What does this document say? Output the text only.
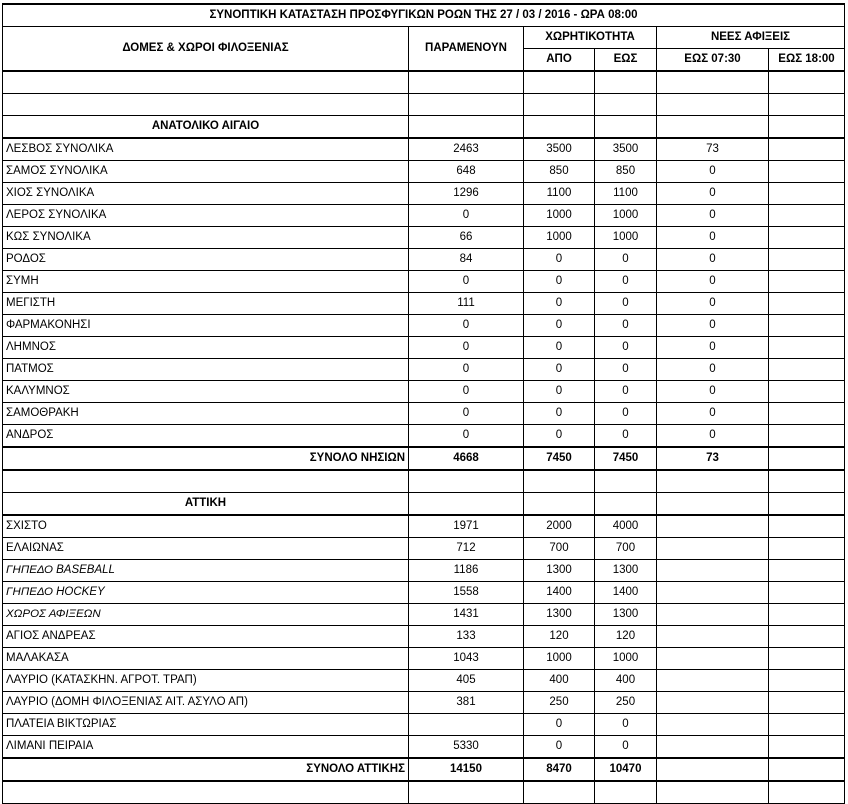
ΣΥΝΟΠΤΙΚΗ ΚΑΤΑΣΤΑΣΗ ΠΡΟΣΦΥΓΙΚΩΝ ΡΟΩΝ ΤΗΣ 27 / 03 / 2016 - ΩΡΑ 08:00					
ΔΟΜΕΣ & ΧΩΡΟΙ ΦΙΛΟΞΕΝΙΑΣ	ΠΑΡΑΜΕΝΟΥΝ	ΧΩΡΗΤΙΚΟΤΗΤΑ		ΝΕΕΣ ΑΦΙΞΕΙΣ	
		ΑΠΟ	ΕΩΣ	ΕΩΣ 07:30	ΕΩΣ 18:00

ΑΝΑΤΟΛΙΚΟ ΑΙΓΑΙΟ					
ΛΕΣΒΟΣ ΣΥΝΟΛΙΚΑ	2463	3500	3500	73	
ΣΑΜΟΣ ΣΥΝΟΛΙΚΑ	648	850	850	0	
ΧΙΟΣ ΣΥΝΟΛΙΚΑ	1296	1100	1100	0	
ΛΕΡΟΣ ΣΥΝΟΛΙΚΑ	0	1000	1000	0	
ΚΩΣ ΣΥΝΟΛΙΚΑ	66	1000	1000	0	
ΡΟΔΟΣ	84	0	0	0	
ΣΥΜΗ	0	0	0	0	
ΜΕΓΙΣΤΗ	111	0	0	0	
ΦΑΡΜΑΚΟΝΗΣΙ	0	0	0	0	
ΛΗΜΝΟΣ	0	0	0	0	
ΠΑΤΜΟΣ	0	0	0	0	
ΚΑΛΥΜΝΟΣ	0	0	0	0	
ΣΑΜΟΘΡΑΚΗ	0	0	0	0	
ΑΝΔΡΟΣ	0	0	0	0	
ΣΥΝΟΛΟ ΝΗΣΙΩΝ	4668	7450	7450	73	

ΑΤΤΙΚΗ					
ΣΧΙΣΤΟ	1971	2000	4000		
ΕΛΑΙΩΝΑΣ	712	700	700		
ΓΗΠΕΔΟ BASEBALL	1186	1300	1300		
ΓΗΠΕΔΟ HOCKEY	1558	1400	1400		
ΧΩΡΟΣ ΑΦΙΞΕΩΝ	1431	1300	1300		
ΑΓΙΟΣ ΑΝΔΡΕΑΣ	133	120	120		
ΜΑΛΑΚΑΣΑ	1043	1000	1000		
ΛΑΥΡΙΟ (ΚΑΤΑΣΚΗΝ. ΑΓΡΟΤ. ΤΡΑΠ)	405	400	400		
ΛΑΥΡΙΟ (ΔΟΜΗ ΦΙΛΟΞΕΝΙΑΣ ΑΙΤ. ΑΣΥΛΟ ΑΠ)	381	250	250		
ΠΛΑΤΕΙΑ ΒΙΚΤΩΡΙΑΣ		0	0		
ΛΙΜΑΝΙ ΠΕΙΡΑΙΑ	5330	0	0		
ΣΥΝΟΛΟ ΑΤΤΙΚΗΣ	14150	8470	10470		
